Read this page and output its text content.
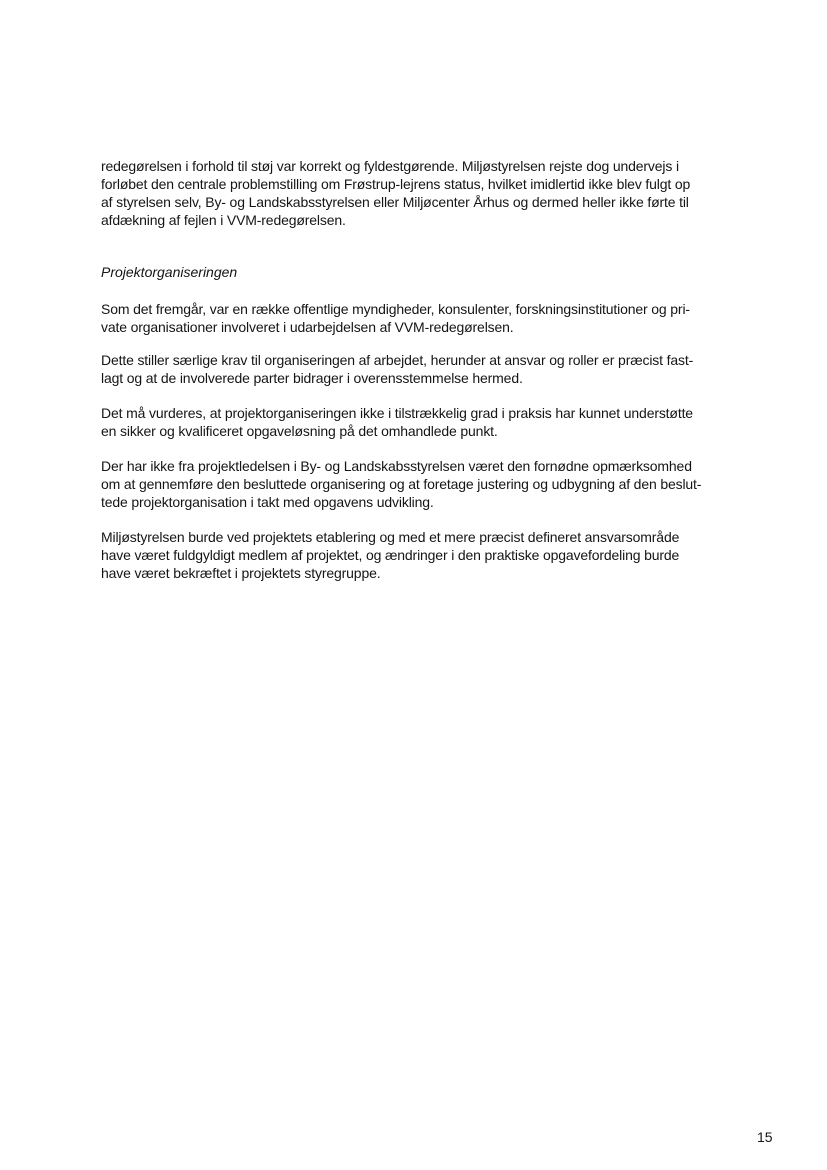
redegørelsen i forhold til støj var korrekt og fyldestgørende. Miljøstyrelsen rejste dog undervejs i
forløbet den centrale problemstilling om Frøstrup-lejrens status, hvilket imidlertid ikke blev fulgt op
af styrelsen selv, By- og Landskabsstyrelsen eller Miljøcenter Århus og dermed heller ikke førte til
afdækning af fejlen i VVM-redegørelsen.
Projektorganiseringen
Som det fremgår, var en række offentlige myndigheder, konsulenter, forskningsinstitutioner og pri-
vate organisationer involveret i udarbejdelsen af VVM-redegørelsen.
Dette stiller særlige krav til organiseringen af arbejdet, herunder at ansvar og roller er præcist fast-
lagt og at de involverede parter bidrager i overensstemmelse hermed.
Det må vurderes, at projektorganiseringen ikke i tilstrækkelig grad i praksis har kunnet understøtte
en sikker og kvalificeret opgaveløsning på det omhandlede punkt.
Der har ikke fra projektledelsen i By- og Landskabsstyrelsen været den fornødne opmærksomhed
om at gennemføre den besluttede organisering og at foretage justering og udbygning af den beslut-
tede projektorganisation i takt med opgavens udvikling.
Miljøstyrelsen burde ved projektets etablering og med et mere præcist defineret ansvarsområde
have været fuldgyldigt medlem af projektet, og ændringer i den praktiske opgavefordeling burde
have været bekræftet i projektets styregruppe.
15
